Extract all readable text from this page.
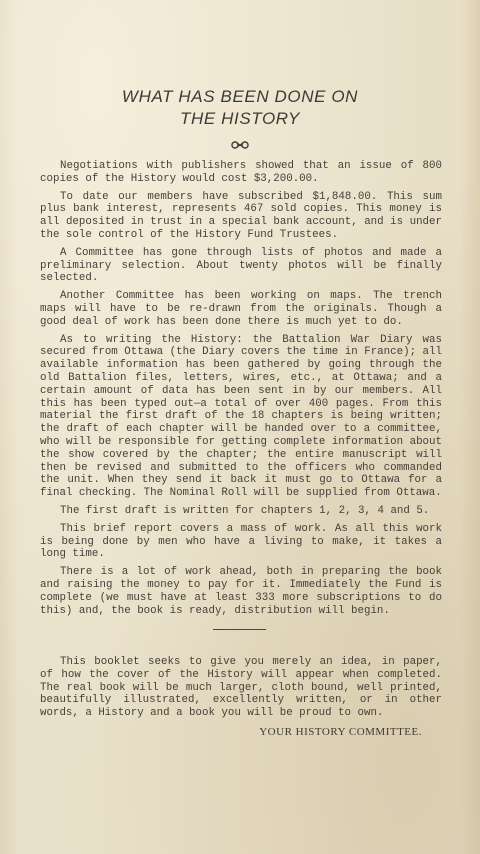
WHAT HAS BEEN DONE ON
THE HISTORY

Negotiations with publishers showed that an issue of 800 copies of the History would cost $3,200.00.

To date our members have subscribed $1,848.00. This sum plus bank interest, represents 467 sold copies. This money is all deposited in trust in a special bank account, and is under the sole control of the History Fund Trustees.

A Committee has gone through lists of photos and made a preliminary selection. About twenty photos will be finally selected.

Another Committee has been working on maps. The trench maps will have to be re-drawn from the originals. Though a good deal of work has been done there is much yet to do.

As to writing the History: the Battalion War Diary was secured from Ottawa (the Diary covers the time in France); all available information has been gathered by going through the old Battalion files, letters, wires, etc., at Ottawa; and a certain amount of data has been sent in by our members. All this has been typed out—a total of over 400 pages. From this material the first draft of the 18 chapters is being written; the draft of each chapter will be handed over to a committee, who will be responsible for getting complete information about the show covered by the chapter; the entire manuscript will then be revised and submitted to the officers who commanded the unit. When they send it back it must go to Ottawa for a final checking. The Nominal Roll will be supplied from Ottawa.

The first draft is written for chapters 1, 2, 3, 4 and 5.

This brief report covers a mass of work. As all this work is being done by men who have a living to make, it takes a long time.

There is a lot of work ahead, both in preparing the book and raising the money to pay for it. Immediately the Fund is complete (we must have at least 333 more subscriptions to do this) and, the book is ready, distribution will begin.

This booklet seeks to give you merely an idea, in paper, of how the cover of the History will appear when completed. The real book will be much larger, cloth bound, well printed, beautifully illustrated, excellently written, or in other words, a History and a book you will be proud to own.

YOUR HISTORY COMMITTEE.
